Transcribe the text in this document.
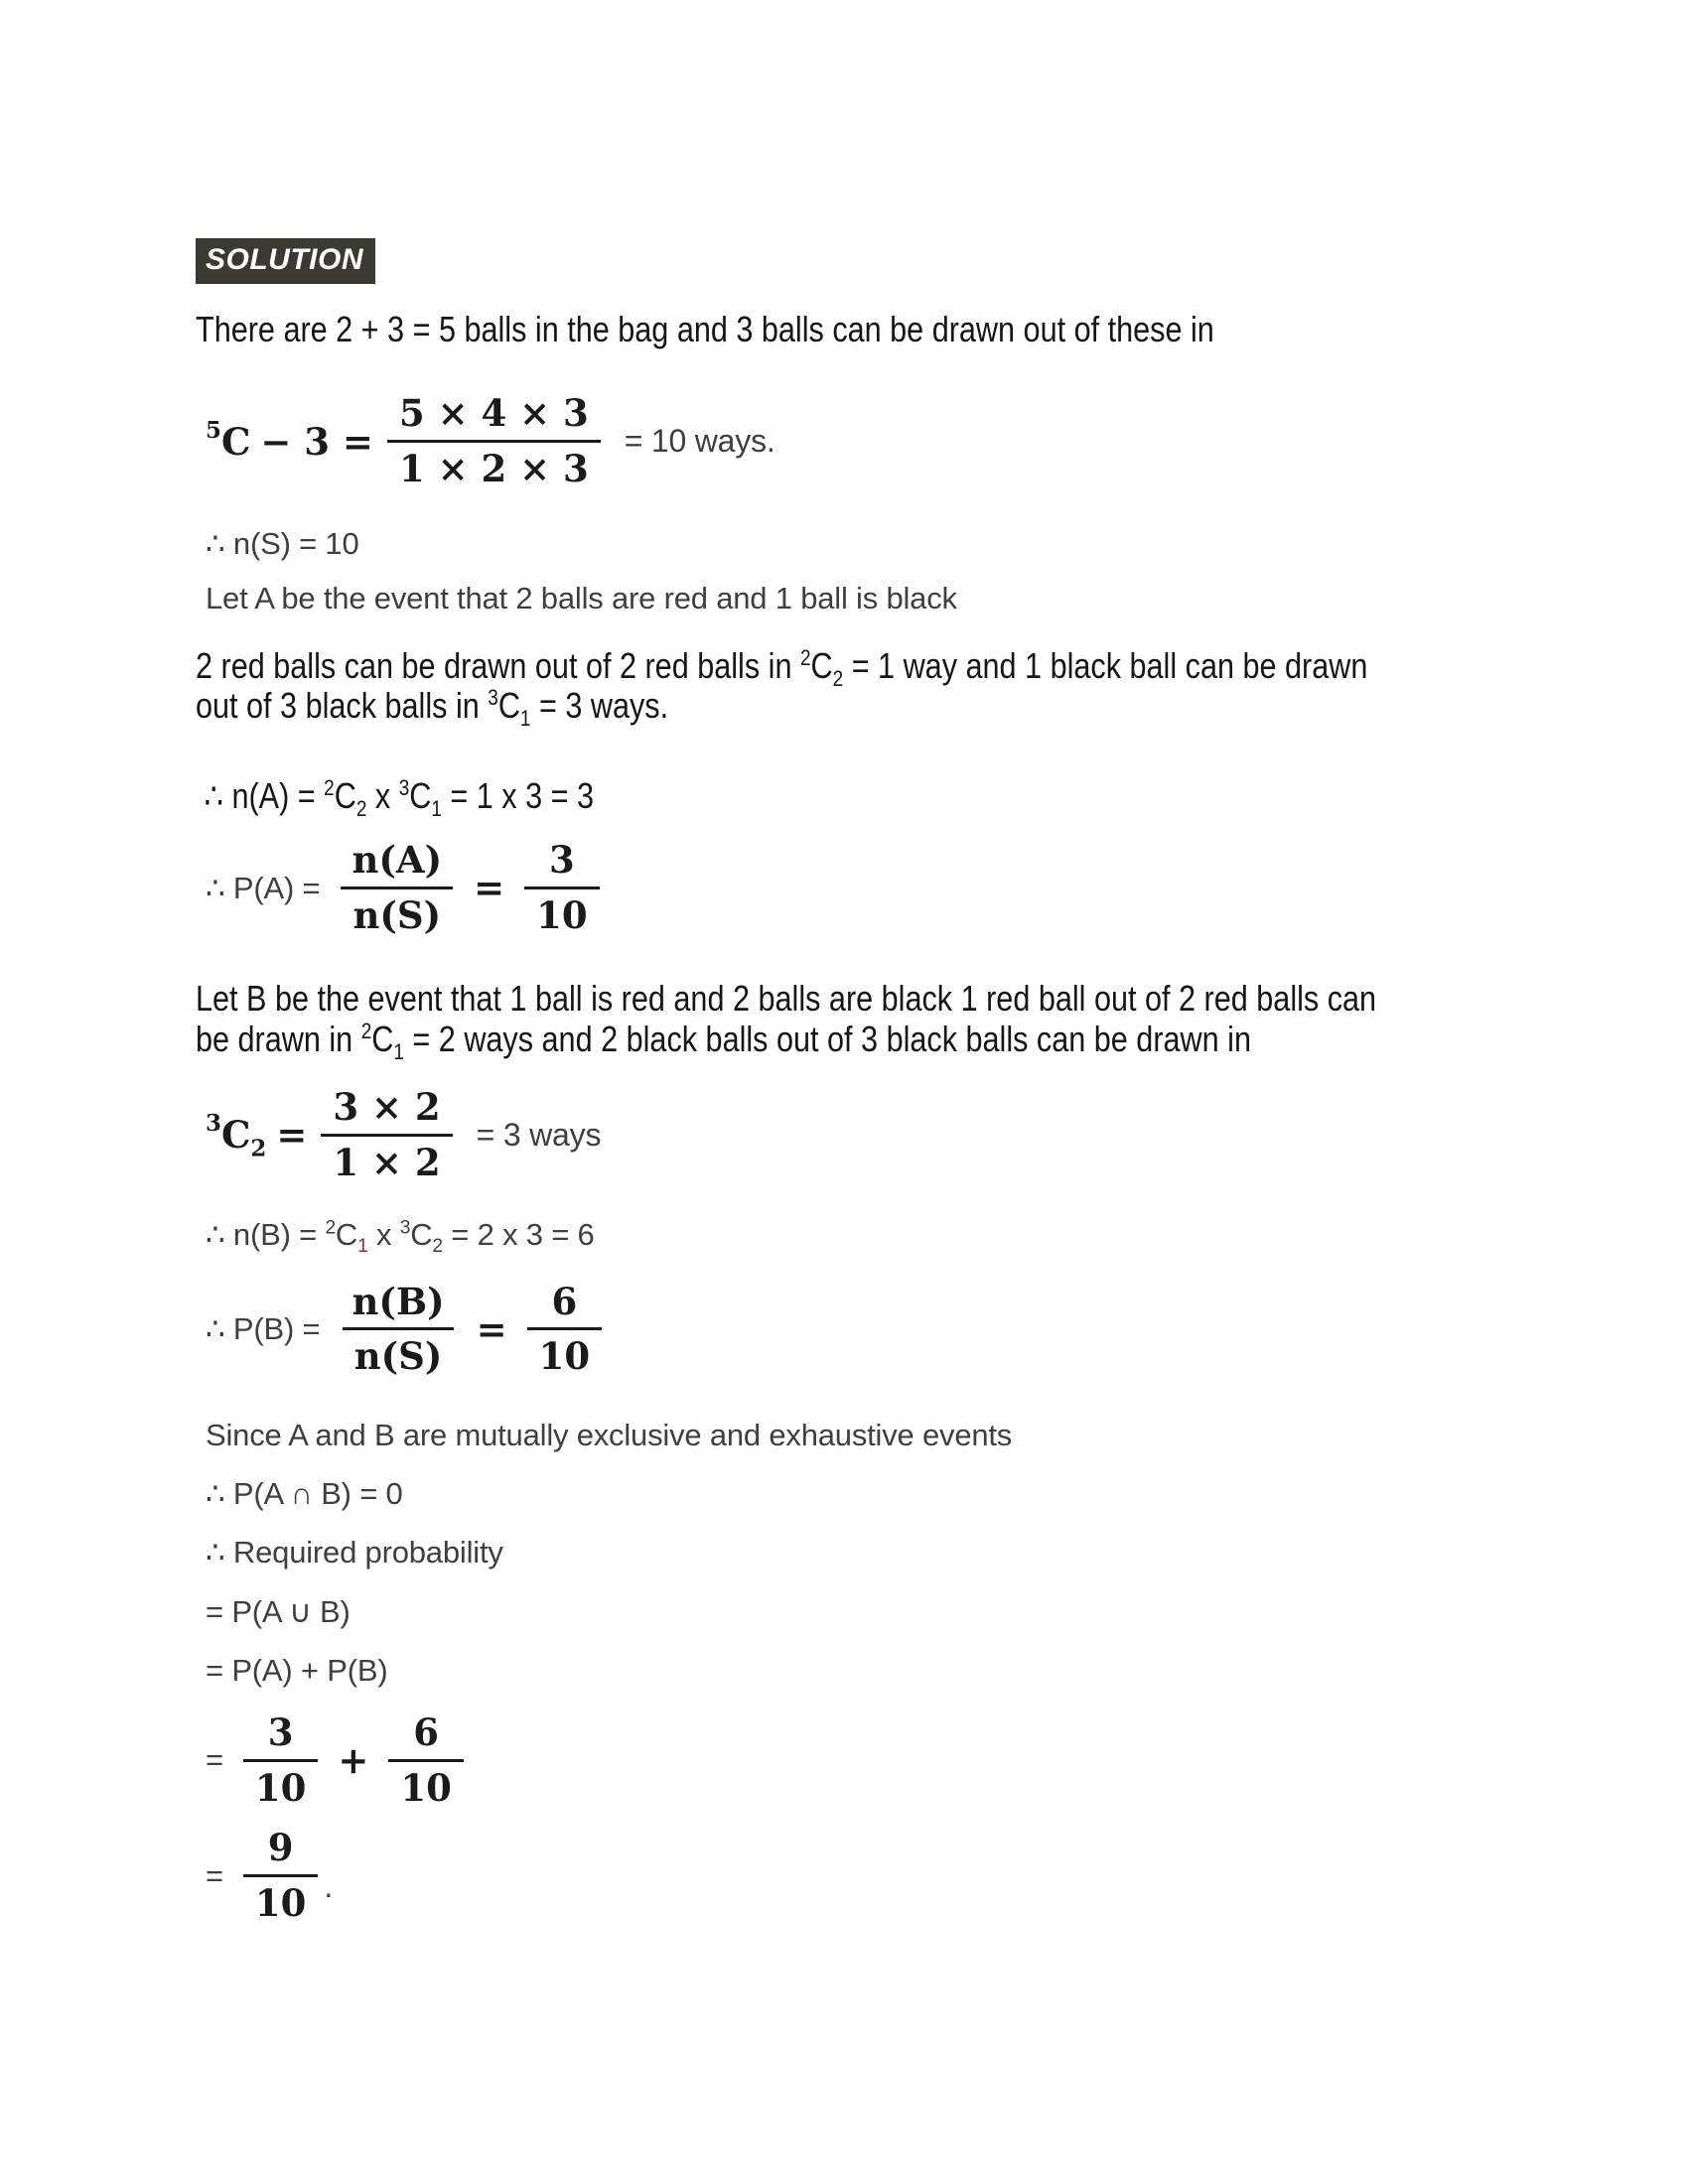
SOLUTION

There are 2 + 3 = 5 balls in the bag and 3 balls can be drawn out of these in

$^5C - 3 = \frac{5 \times 4 \times 3}{1 \times 2 \times 3} = 10$ ways.

∴ n(S) = 10

Let A be the event that 2 balls are red and 1 ball is black

2 red balls can be drawn out of 2 red balls in $^2C_2 = 1$ way and 1 black ball can be drawn
out of 3 black balls in $^3C_1 = 3$ ways.

∴ $n(A) = ^2C_2$ x $^3C_1 = 1$ x 3 = 3

∴ $P(A) = \frac{n(A)}{n(S)} = \frac{3}{10}$
Let B be the event that 1 ball is red and 2 balls are black 1 red ball out of 2 red balls can
be drawn in $^2C_1 = 2$ ways and 2 black balls out of 3 black balls can be drawn in
$^3C_2 = \frac{3 \times 2}{1 \times 2} = 3$ ways

∴ $n(B) = ^2C_1$ x $^3C_2 = 2$ x 3 = 6

∴ $P(B) = \frac{n(B)}{n(S)} = \frac{6}{10}$

Since A and B are mutually exclusive and exhaustive events

∴ P(A ∩ B) = 0

∴ Required probability

= P(A ∪ B)

= P(A) + P(B)

= $\frac{3}{10} + \frac{6}{10}$
= $\frac{9}{10}$ .
